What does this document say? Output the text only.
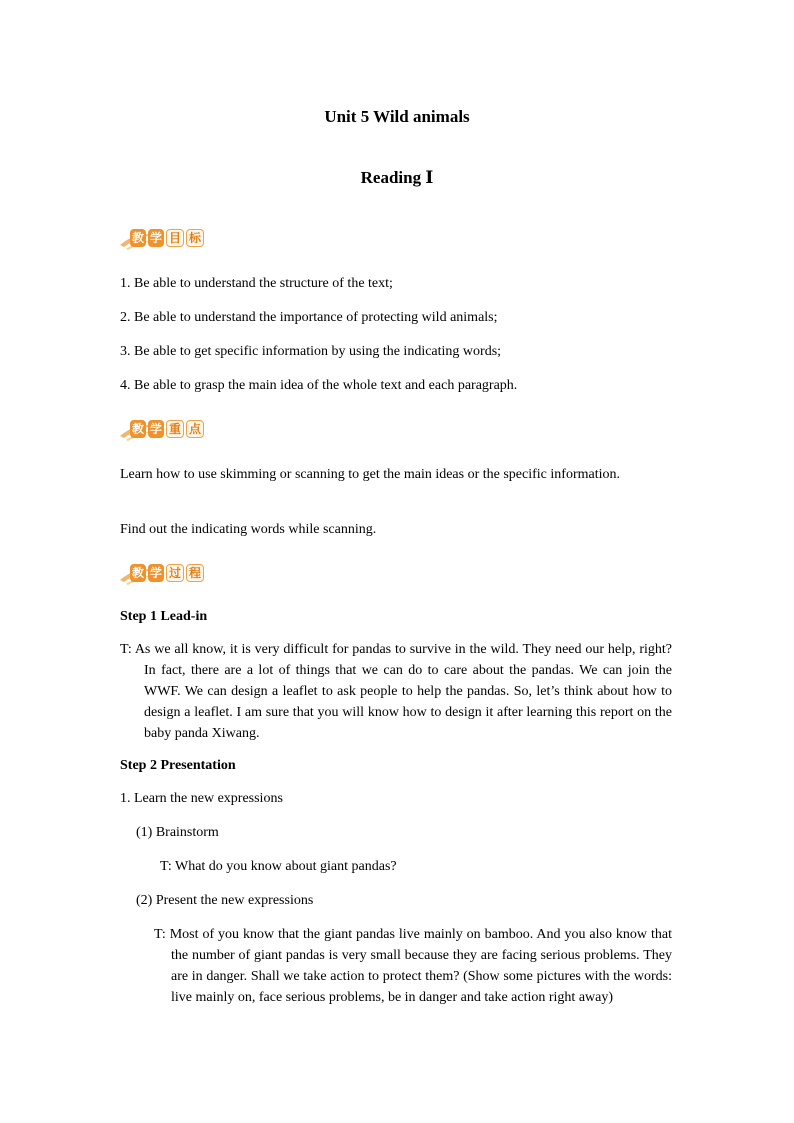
Unit 5 Wild animals
Reading Ⅰ
教 学 目 标
1. Be able to understand the structure of the text;
2. Be able to understand the importance of protecting wild animals;
3. Be able to get specific information by using the indicating words;
4. Be able to grasp the main idea of the whole text and each paragraph.
教 学 重 点
Learn how to use skimming or scanning to get the main ideas or the specific information.
Find out the indicating words while scanning.
教 学 过 程
Step 1 Lead-in
T: As we all know, it is very difficult for pandas to survive in the wild. They need our help, right? In fact, there are a lot of things that we can do to care about the pandas. We can join the WWF. We can design a leaflet to ask people to help the pandas. So, let’s think about how to design a leaflet. I am sure that you will know how to design it after learning this report on the baby panda Xiwang.
Step 2 Presentation
1. Learn the new expressions
(1) Brainstorm
T: What do you know about giant pandas?
(2) Present the new expressions
T: Most of you know that the giant pandas live mainly on bamboo. And you also know that the number of giant pandas is very small because they are facing serious problems. They are in danger. Shall we take action to protect them? (Show some pictures with the words: live mainly on, face serious problems, be in danger and take action right away)
